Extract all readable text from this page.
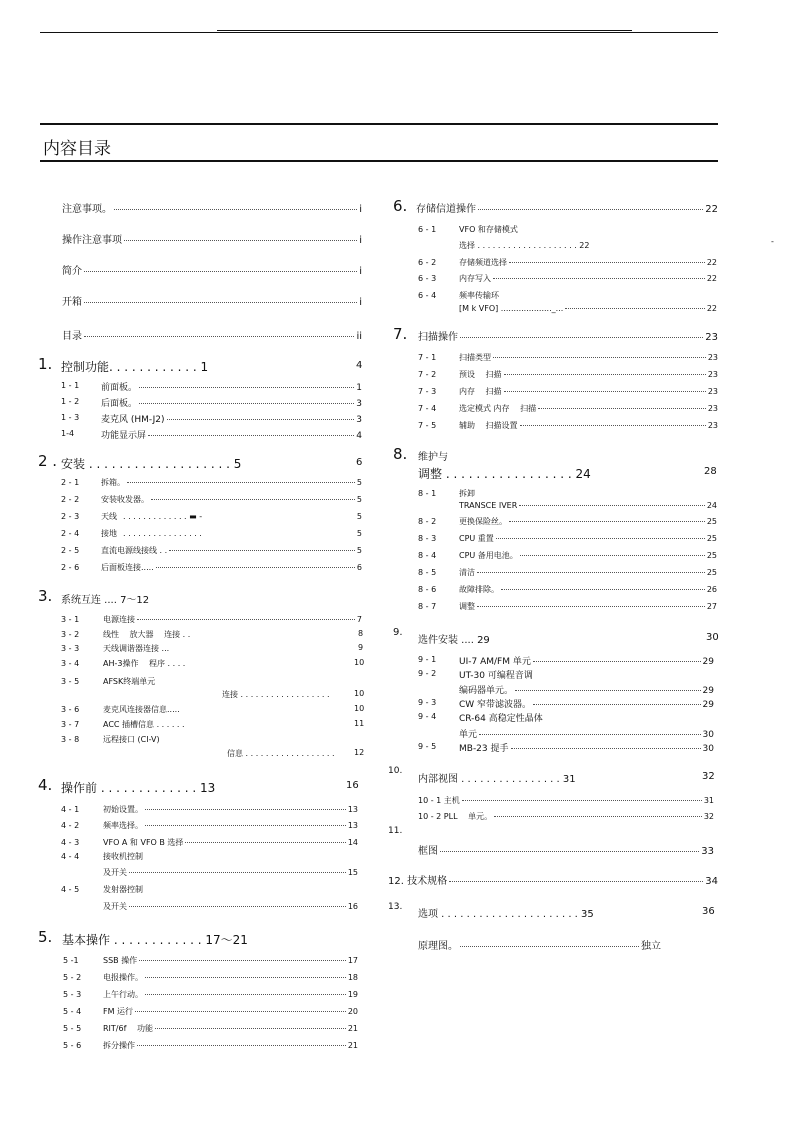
内容目录
-
注意事项。	i
操作注意事项	i
简介	i
开箱	i
目录	ii
1. 控制功能. . . . . . . . . . . . 1	4
1 - 1 前面板。	1
1 - 2 后面板。	3
1 - 3 麦克风 (HM-J2)	3
1-4	功能显示屏	4
2 . 安装 . . . . . . . . . . . . . . . . . . . 5	6
2 - 1	拆箱。	5
2 - 2	安装收发器。	5
2 - 3	天线 . . . . . . . . . . . . . ▬ -	5
2 - 4	接地 . . . . . . . . . . . . . . . .	5
2 - 5	直流电源线接线 . .	5
2 - 6	后面板连接.....	6
3. 系统互连 .... 7～12
3 - 1	电源连接	7
3 - 2	线性　 放大器　 连接 . .	8
3 - 3	天线调谐器连接 ...	9
3 - 4	AH-3操作　 程序 . . . .	10
3 - 5	AFSK终端单元
连接 . . . . . . . . . . . . . . . . . .	10
3 - 6	麦克风连接器信息.....	10
3 - 7	ACC 插槽信息 . . . . . .	11
3 - 8	远程接口 (CI-V)
信息 . . . . . . . . . . . . . . . . . . 12
4. 操作前 . . . . . . . . . . . . . 13	16
4 - 1	初始设置。	13
4 - 2	频率选择。	13
4 - 3	VFO A 和 VFO B 选择	14
4 - 4	接收机控制
及开关	15
4 - 5	发射器控制
及开关	16
5. 基本操作 . . . . . . . . . . . . 17～21
5 -1	SSB 操作	17
5 - 2	电报操作。	18
5 - 3	上午行动。	19
5 - 4	FM 运行	20
5 - 5	RIT/6f　 功能	21
5 - 6	拆分操作	21
6. 存储信道操作	22
6 - 1	VFO 和存储模式
选择 . . . . . . . . . . . . . . . . . . . . 22
6 - 2	存储频道选择	22
6 - 3	内存写入	22
6 - 4	频率传输环
[M k VFO] ...................._...	22
7. 扫描操作	23
7 - 1	扫描类型	23
7 - 2	预设　 扫描	23
7 - 3	内存　 扫描	23
7 - 4	选定模式 内存　 扫描	23
7 - 5	辅助　 扫描设置	23
8. 维护与
调整 . . . . . . . . . . . . . . . . . 24	28
8 - 1	拆卸
TRANSCE IVER	24
8 - 2	更换保险丝。	25
8 - 3	CPU 重置	25
8 - 4	CPU 备用电池。	25
8 - 5	清洁	25
8 - 6	故障排除。	26
8 - 7	调整	27
9.
选件安装 .... 29	30
9 - 1	UI-7 AM/FM 单元	29
9 - 2	UT-30 可编程音调
编码器单元。	29
9 - 3	CW 窄带滤波器。	29
9 - 4	CR-64 高稳定性晶体
单元	30
9 - 5	MB-23 提手	30
10.
内部视图 . . . . . . . . . . . . . . . . 31	32
10 - 1 主机	31
10 - 2 PLL　 单元。	32
11.
框图	33
12. 技术规格	34
13.
选项 . . . . . . . . . . . . . . . . . . . . . . 35	36
原理图。	独立
